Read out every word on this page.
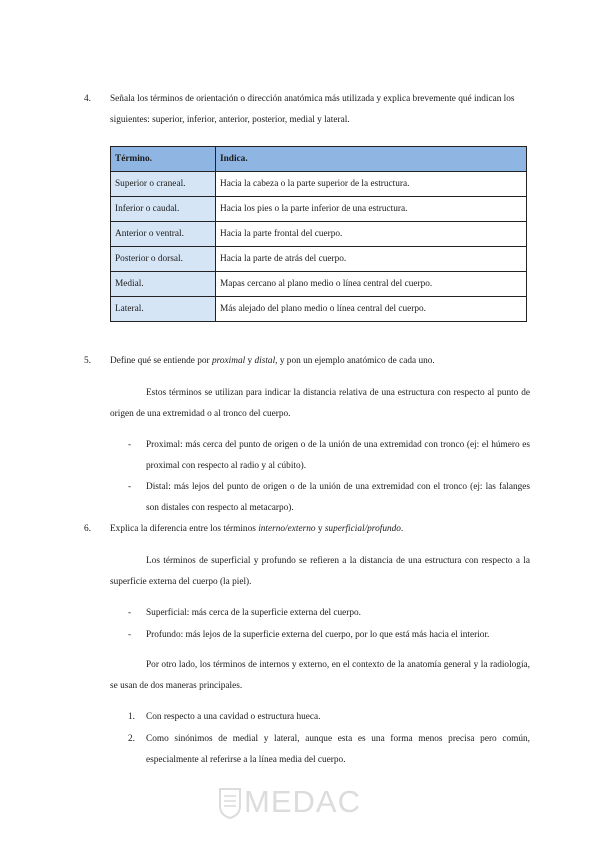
4. Señala los términos de orientación o dirección anatómica más utilizada y explica brevemente qué indican los siguientes: superior, inferior, anterior, posterior, medial y lateral.
Término.	Indica.
Superior o craneal.	Hacia la cabeza o la parte superior de la estructura.
Inferior o caudal.	Hacia los pies o la parte inferior de una estructura.
Anterior o ventral.	Hacia la parte frontal del cuerpo.
Posterior o dorsal.	Hacia la parte de atrás del cuerpo.
Medial.	Mapas cercano al plano medio o línea central del cuerpo.
Lateral.	Más alejado del plano medio o línea central del cuerpo.
5. Define qué se entiende por proximal y distal, y pon un ejemplo anatómico de cada uno.
Estos términos se utilizan para indicar la distancia relativa de una estructura con respecto al punto de origen de una extremidad o al tronco del cuerpo.
- Proximal: más cerca del punto de origen o de la unión de una extremidad con tronco (ej: el húmero es proximal con respecto al radio y al cúbito).
- Distal: más lejos del punto de origen o de la unión de una extremidad con el tronco (ej: las falanges son distales con respecto al metacarpo).
6. Explica la diferencia entre los términos interno/externo y superficial/profundo.
Los términos de superficial y profundo se refieren a la distancia de una estructura con respecto a la superficie externa del cuerpo (la piel).
- Superficial: más cerca de la superficie externa del cuerpo.
- Profundo: más lejos de la superficie externa del cuerpo, por lo que está más hacia el interior.
Por otro lado, los términos de internos y externo, en el contexto de la anatomía general y la radiología, se usan de dos maneras principales.
1. Con respecto a una cavidad o estructura hueca.
2. Como sinónimos de medial y lateral, aunque esta es una forma menos precisa pero común, especialmente al referirse a la línea media del cuerpo.
MEDAC
